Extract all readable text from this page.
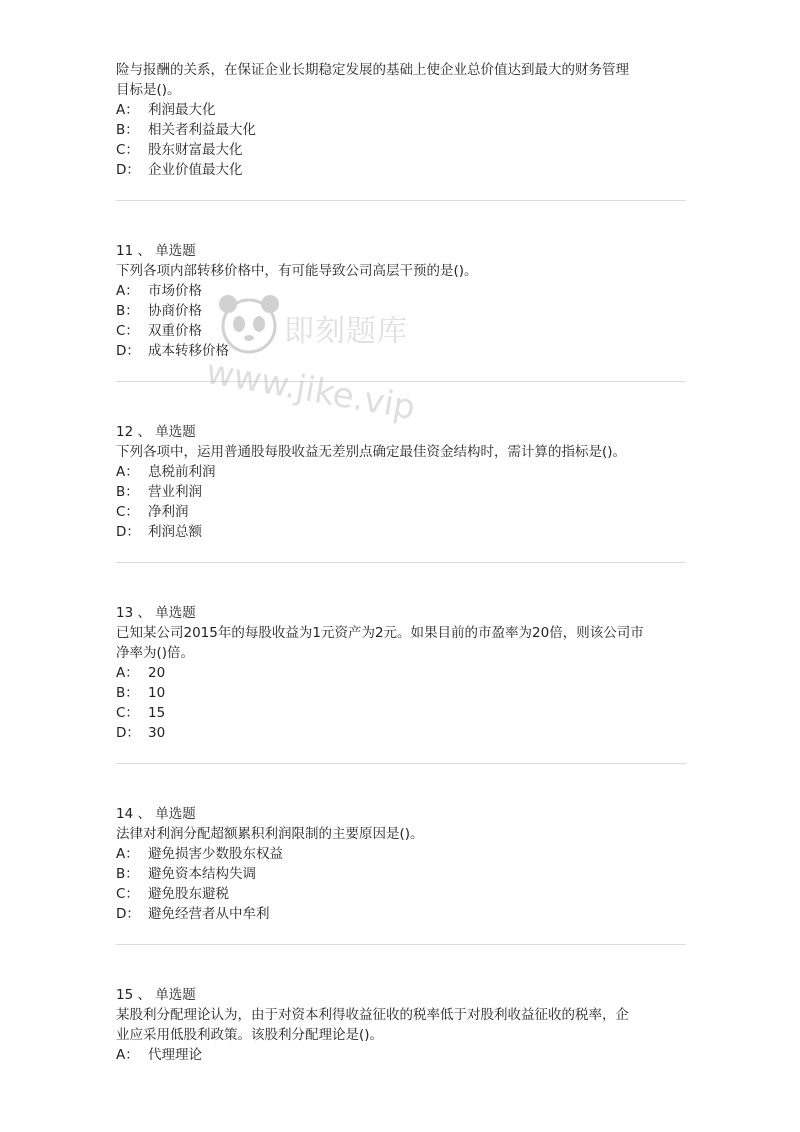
险与报酬的关系，在保证企业长期稳定发展的基础上使企业总价值达到最大的财务管理

目标是()。

A： 利润最大化
B： 相关者利益最大化
C： 股东财富最大化
D： 企业价值最大化

11 、 单选题

下列各项内部转移价格中，有可能导致公司高层干预的是()。

A： 市场价格
B： 协商价格
C： 双重价格
D： 成本转移价格

12 、 单选题

下列各项中，运用普通股每股收益无差别点确定最佳资金结构时，需计算的指标是()。

A： 息税前利润
B： 营业利润
C： 净利润
D： 利润总额

13 、 单选题

已知某公司2015年的每股收益为1元资产为2元。如果目前的市盈率为20倍，则该公司市

净率为()倍。

A： 20
B： 10
C： 15
D： 30

14 、 单选题

法律对利润分配超额累积利润限制的主要原因是()。

A： 避免损害少数股东权益
B： 避免资本结构失调
C： 避免股东避税
D： 避免经营者从中牟利

15 、 单选题

某股利分配理论认为，由于对资本利得收益征收的税率低于对股利收益征收的税率，企

业应采用低股利政策。该股利分配理论是()。

A： 代理理论
即刻题库
www.jike.vip
